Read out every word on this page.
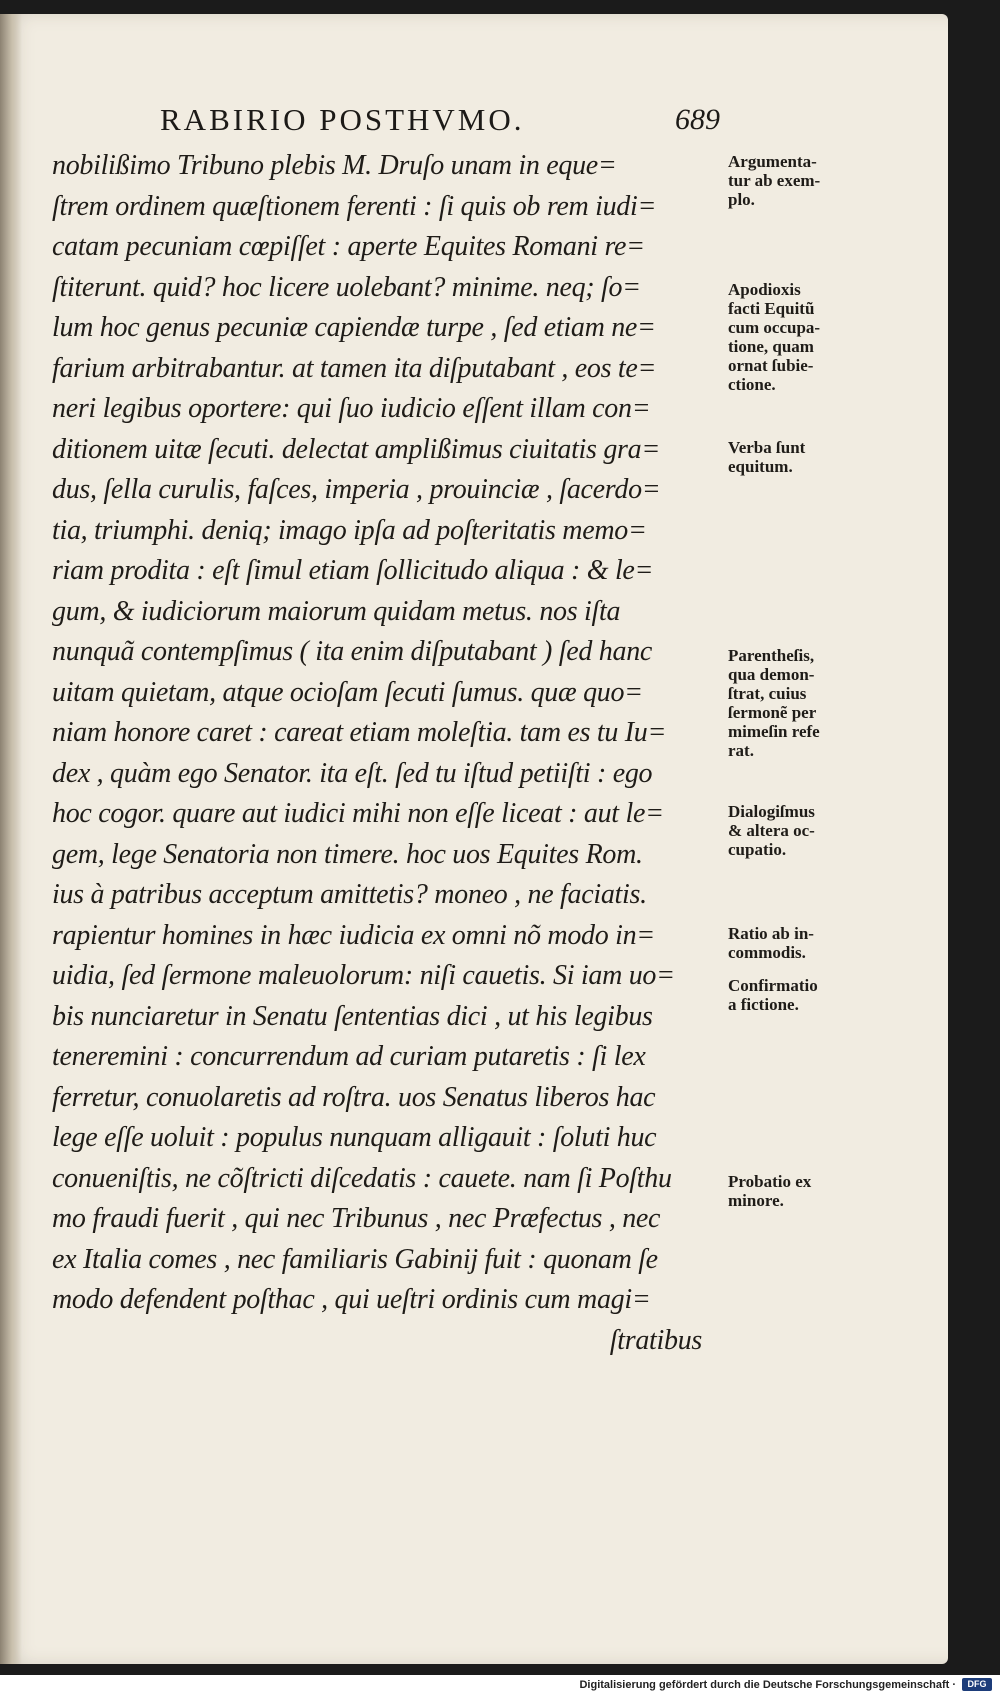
RABIRIO POSTHVMO.	689
nobilißimo Tribuno plebis M. Druſo unam in eque=
ſtrem ordinem quæſtionem ferenti : ſi quis ob rem iudi=
catam pecuniam cœpiſſet : aperte Equites Romani re=
ſtiterunt. quid? hoc licere uolebant? minime. neq; ſo=
lum hoc genus pecuniæ capiendæ turpe , ſed etiam ne=
farium arbitrabantur. at tamen ita diſputabant , eos te=
neri legibus oportere: qui ſuo iudicio eſſent illam con=
ditionem uitæ ſecuti. delectat amplißimus ciuitatis gra=
dus, ſella curulis, faſces, imperia , prouinciæ , ſacerdo=
tia, triumphi. deniq; imago ipſa ad poſteritatis memo=
riam prodita : eſt ſimul etiam ſollicitudo aliqua : & le=
gum, & iudiciorum maiorum quidam metus. nos iſta
nunquã contempſimus ( ita enim diſputabant ) ſed hanc
uitam quietam, atque ocioſam ſecuti ſumus. quæ quo=
niam honore caret : careat etiam moleſtia. tam es tu Iu=
dex , quàm ego Senator. ita eſt. ſed tu iſtud petiiſti : ego
hoc cogor. quare aut iudici mihi non eſſe liceat : aut le=
gem, lege Senatoria non timere. hoc uos Equites Rom.
ius à patribus acceptum amittetis? moneo , ne faciatis.
rapientur homines in hæc iudicia ex omni nõ modo in=
uidia, ſed ſermone maleuolorum: niſi cauetis. Si iam uo=
bis nunciaretur in Senatu ſententias dici , ut his legibus
teneremini : concurrendum ad curiam putaretis : ſi lex
ferretur, conuolaretis ad roſtra. uos Senatus liberos hac
lege eſſe uoluit : populus nunquam alligauit : ſoluti huc
conueniſtis, ne cõſtricti diſcedatis : cauete. nam ſi Poſthu
mo fraudi fuerit , qui nec Tribunus , nec Præfectus , nec
ex Italia comes , nec familiaris Gabinij fuit : quonam ſe
modo defendent poſthac , qui ueſtri ordinis cum magi=
ſtratibus
Argumenta-
tur ab exem-
plo.
Apodioxis
facti Equitũ
cum occupa-
tione, quam
ornat ſubie-
ctione.
Verba ſunt
equitum.
Parentheſis,
qua demon-
ſtrat, cuius
ſermonẽ per
mimeſin refe
rat.
Dialogiſmus
& altera oc-
cupatio.
Ratio ab in-
commodis.
Confirmatio
a fictione.
Probatio ex
minore.
Digitalisierung gefördert durch die Deutsche Forschungsgemeinschaft ·	DFG
